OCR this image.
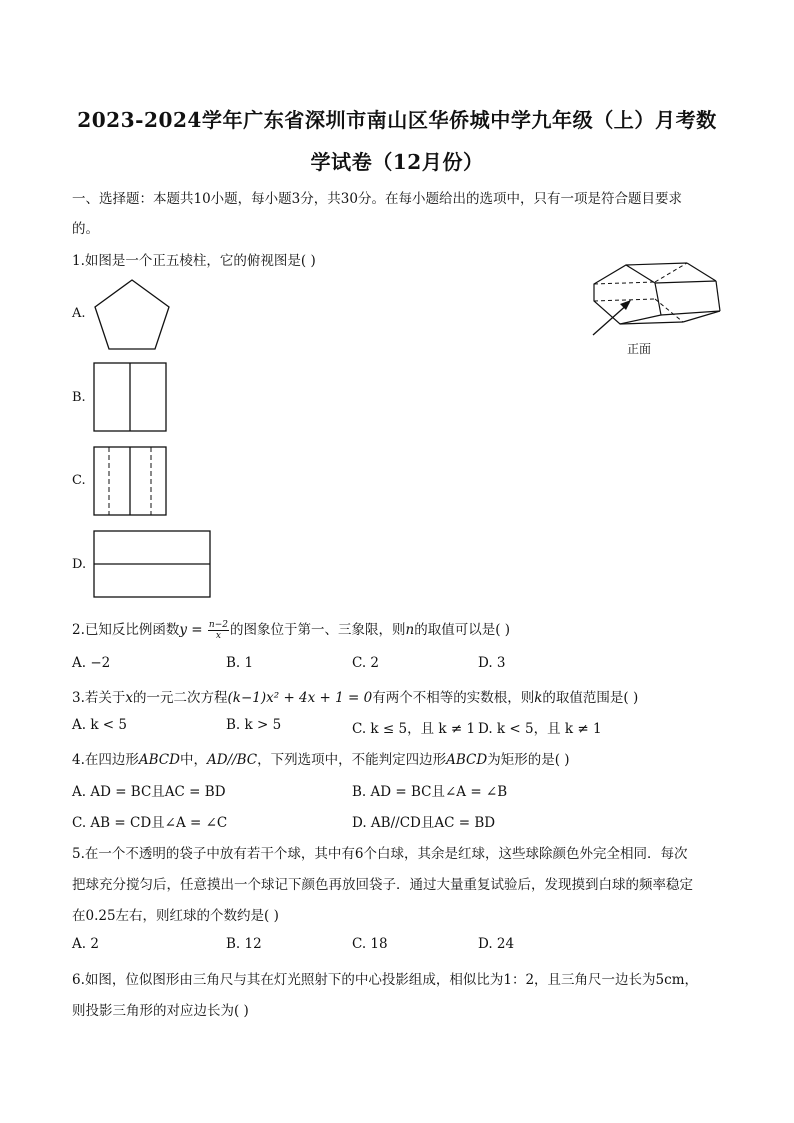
2023-2024学年广东省深圳市南山区华侨城中学九年级（上）月考数
学试卷（12月份）
一、选择题：本题共10小题，每小题3分，共30分。在每小题给出的选项中，只有一项是符合题目要求
的。
1.如图是一个正五棱柱，它的俯视图是( )
正面
A.
B.
C.
D.
2.已知反比例函数$y = \frac{n-2}{x}$ 的图象位于第一、三象限，则n的取值可以是( )
A. −2	B. 1	C. 2	D. 3
3.若关于x的一元二次方程(k−1)x² + 4x + 1 = 0有两个不相等的实数根，则k的取值范围是( )
A. k < 5	B. k > 5	C. k ≤ 5，且 k ≠ 1 D. k < 5，且 k ≠ 1
4.在四边形ABCD中，AD//BC，下列选项中，不能判定四边形ABCD为矩形的是( )
A. AD = BC且AC = BD	B. AD = BC且∠A = ∠B
C. AB = CD且∠A = ∠C	D. AB//CD且AC = BD
5.在一个不透明的袋子中放有若干个球，其中有6个白球，其余是红球，这些球除颜色外完全相同．每次
把球充分搅匀后，任意摸出一个球记下颜色再放回袋子．通过大量重复试验后，发现摸到白球的频率稳定
在0.25左右，则红球的个数约是( )
A. 2	B. 12	C. 18	D. 24
6.如图，位似图形由三角尺与其在灯光照射下的中心投影组成，相似比为1：2，且三角尺一边长为5cm，
则投影三角形的对应边长为( )
